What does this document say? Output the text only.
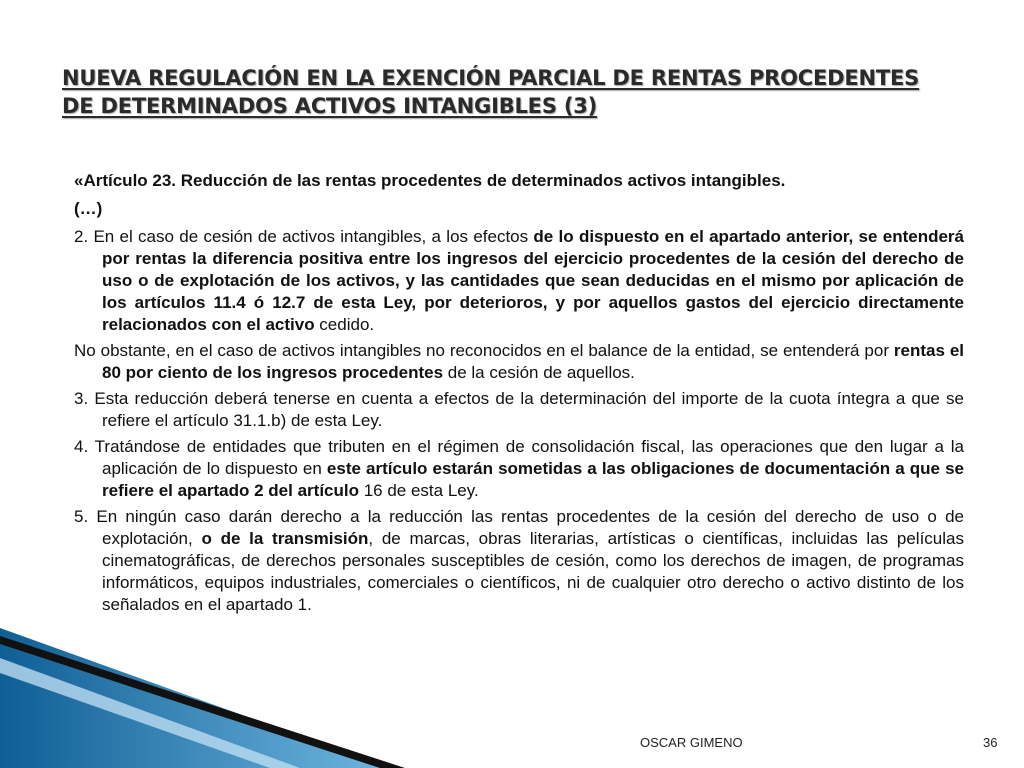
NUEVA REGULACIÓN EN LA EXENCIÓN PARCIAL DE RENTAS PROCEDENTES
DE DETERMINADOS ACTIVOS INTANGIBLES (3)

«Artículo 23. Reducción de las rentas procedentes de determinados activos intangibles.

(…)

2. En el caso de cesión de activos intangibles, a los efectos de lo dispuesto en el apartado anterior, se entenderá por rentas la diferencia positiva entre los ingresos del ejercicio procedentes de la cesión del derecho de uso o de explotación de los activos, y las cantidades que sean deducidas en el mismo por aplicación de los artículos 11.4 ó 12.7 de esta Ley, por deterioros, y por aquellos gastos del ejercicio directamente relacionados con el activo cedido.

No obstante, en el caso de activos intangibles no reconocidos en el balance de la entidad, se entenderá por rentas el 80 por ciento de los ingresos procedentes de la cesión de aquellos.

3. Esta reducción deberá tenerse en cuenta a efectos de la determinación del importe de la cuota íntegra a que se refiere el artículo 31.1.b) de esta Ley.

4. Tratándose de entidades que tributen en el régimen de consolidación fiscal, las operaciones que den lugar a la aplicación de lo dispuesto en este artículo estarán sometidas a las obligaciones de documentación a que se refiere el apartado 2 del artículo 16 de esta Ley.

5. En ningún caso darán derecho a la reducción las rentas procedentes de la cesión del derecho de uso o de explotación, o de la transmisión, de marcas, obras literarias, artísticas o científicas, incluidas las películas cinematográficas, de derechos personales susceptibles de cesión, como los derechos de imagen, de programas informáticos, equipos industriales, comerciales o científicos, ni de cualquier otro derecho o activo distinto de los señalados en el apartado 1.

OSCAR GIMENO	36
